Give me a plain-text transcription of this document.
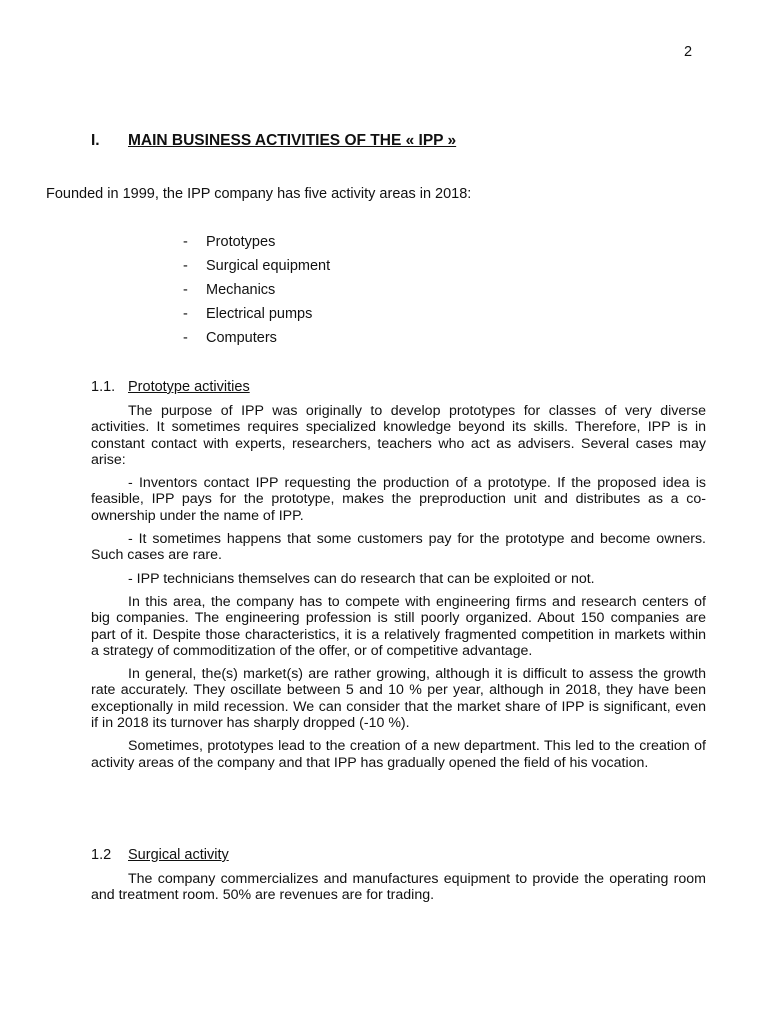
2
I. MAIN BUSINESS ACTIVITIES OF THE « IPP »
Founded in 1999, the IPP company has five activity areas in 2018:
- Prototypes
- Surgical equipment
- Mechanics
- Electrical pumps
- Computers
1.1. Prototype activities

The purpose of IPP was originally to develop prototypes for classes of very diverse activities. It sometimes requires specialized knowledge beyond its skills. Therefore, IPP is in constant contact with experts, researchers, teachers who act as advisers. Several cases may arise:

- Inventors contact IPP requesting the production of a prototype. If the proposed idea is feasible, IPP pays for the prototype, makes the preproduction unit and distributes as a co-ownership under the name of IPP.

- It sometimes happens that some customers pay for the prototype and become owners. Such cases are rare.

- IPP technicians themselves can do research that can be exploited or not.

In this area, the company has to compete with engineering firms and research centers of big companies. The engineering profession is still poorly organized. About 150 companies are part of it. Despite those characteristics, it is a relatively fragmented competition in markets within a strategy of commoditization of the offer, or of competitive advantage.

In general, the(s) market(s) are rather growing, although it is difficult to assess the growth rate accurately. They oscillate between 5 and 10 % per year, although in 2018, they have been exceptionally in mild recession. We can consider that the market share of IPP is significant, even if in 2018 its turnover has sharply dropped (-10 %).

Sometimes, prototypes lead to the creation of a new department. This led to the creation of activity areas of the company and that IPP has gradually opened the field of his vocation.

1.2 Surgical activity

The company commercializes and manufactures equipment to provide the operating room and treatment room. 50% are revenues are for trading.
